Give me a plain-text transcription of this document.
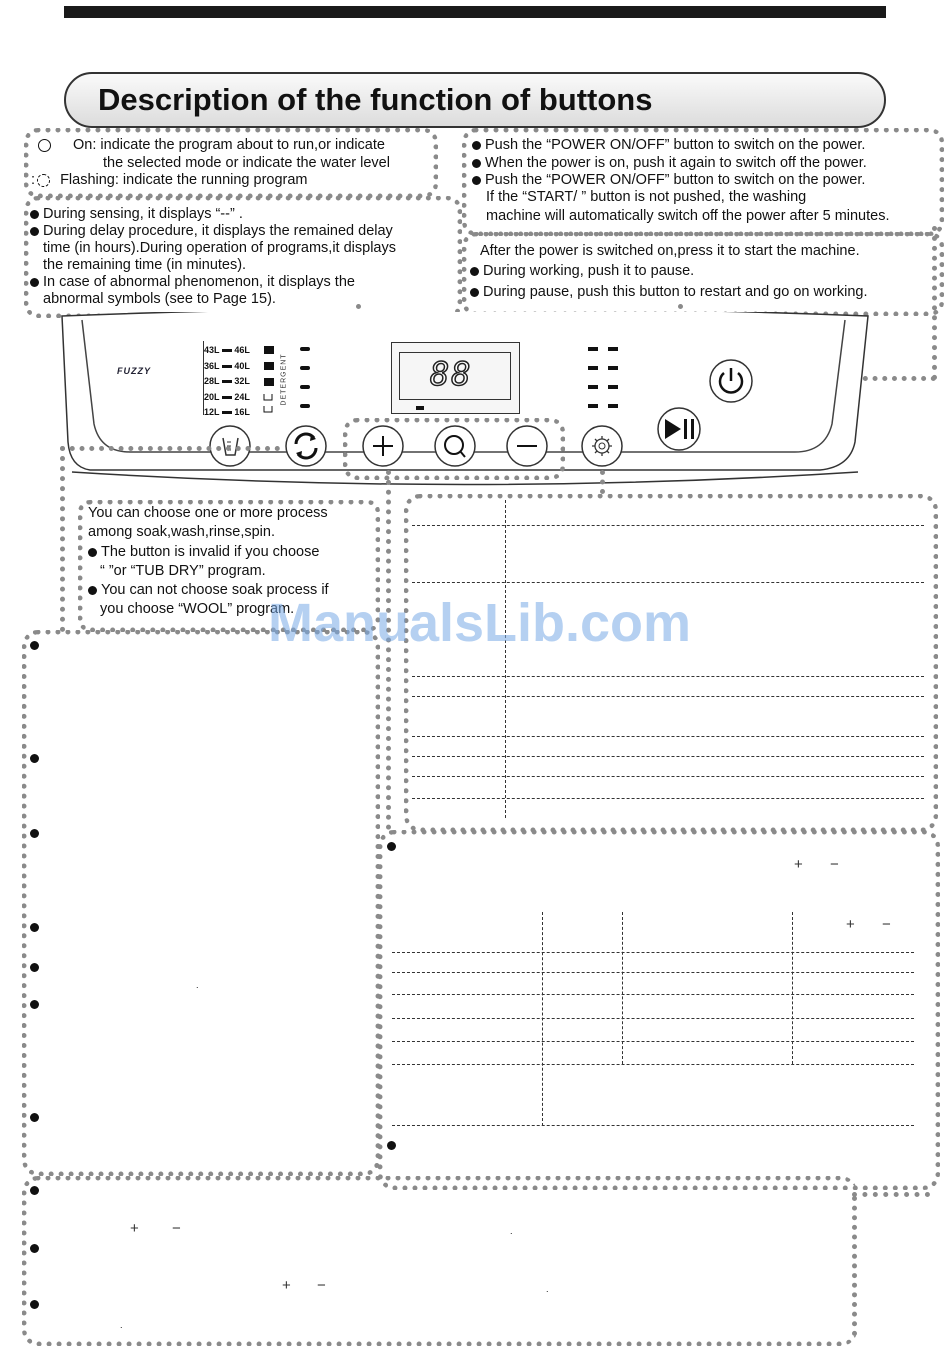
Description of the function of buttons
On: indicate the program about to run,or indicate
the selected mode or indicate the water level
: Flashing: indicate the running program
During sensing, it displays “--” .
During delay procedure, it displays the remained delay
time (in hours).During operation of programs,it displays
the remaining time (in minutes).
In case of abnormal phenomenon, it displays the
abnormal symbols (see to Page 15).
Push the “POWER ON/OFF” button to switch on the power.
When the power is on, push it again to switch off the power.
Push the “POWER ON/OFF” button to switch on the power.
If the “START/ ” button is not pushed, the washing
machine will automatically switch off the power after 5 minutes.
After the power is switched on,press it to start the machine.
During working, push it to pause.
During pause, push this button to restart and go on working.
FUZZY
43L 46L
36L 40L
28L 32L
20L 24L
12L 16L
DETERGENT	88
You can choose one or more process
among soak,wash,rinse,spin.
The button is invalid if you choose
“ ”or “TUB DRY” program.
You can not choose soak process if
you choose “WOOL” program.
.
+ −
+ −
+ −
+ −
.
.
.
ManualsLib.com
